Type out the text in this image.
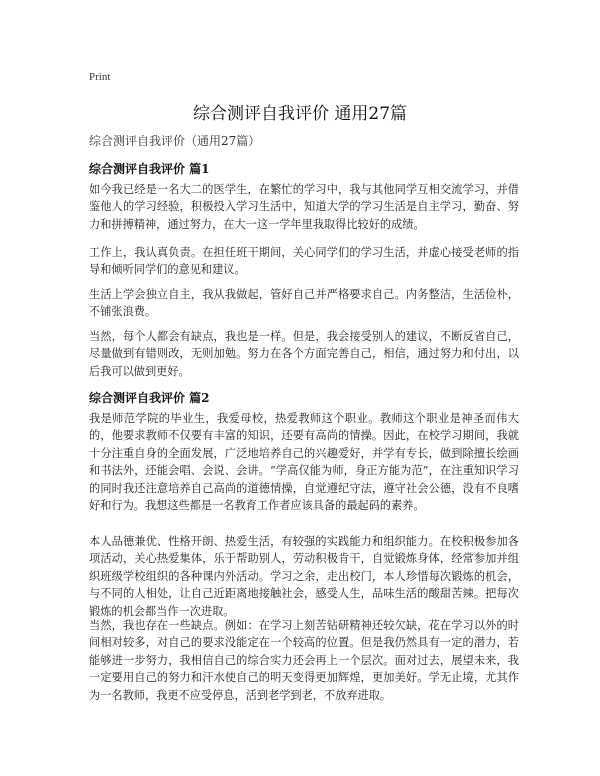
Print
综合测评自我评价 通用27篇
综合测评自我评价（通用27篇）
综合测评自我评价 篇1

如今我已经是一名大二的医学生，在繁忙的学习中，我与其他同学互相交流学习，并借鉴他人的学习经验，积极投入学习生活中，知道大学的学习生活是自主学习，勤奋、努力和拼搏精神，通过努力，在大一这一学年里我取得比较好的成绩。

工作上，我认真负责。在担任班干期间，关心同学们的学习生活，并虚心接受老师的指导和倾听同学们的意见和建议。

生活上学会独立自主，我从我做起，管好自己并严格要求自己。内务整洁，生活俭朴，不铺张浪费。

当然，每个人都会有缺点，我也是一样。但是，我会接受别人的建议，不断反省自己，尽量做到有错则改，无则加勉。努力在各个方面完善自己，相信，通过努力和付出，以后我可以做到更好。

综合测评自我评价 篇2

我是师范学院的毕业生，我爱母校，热爱教师这个职业。教师这个职业是神圣而伟大的，他要求教师不仅要有丰富的知识，还要有高尚的情操。因此，在校学习期间，我就十分注重自身的全面发展，广泛地培养自己的兴趣爱好，并学有专长，做到除擅长绘画和书法外，还能会唱、会说、会讲。“学高仅能为师，身正方能为范”，在注重知识学习的同时我还注意培养自己高尚的道德情操，自觉遵纪守法，遵守社会公德，没有不良嗜好和行为。我想这些都是一名教育工作者应该具备的最起码的素养。

本人品德兼优、性格开朗、热爱生活，有较强的实践能力和组织能力。在校积极参加各项活动，关心热爱集体，乐于帮助别人，劳动积极肯干，自觉锻炼身体，经常参加并组织班级学校组织的各种课内外活动。学习之余，走出校门，本人珍惜每次锻炼的机会，与不同的人相处，让自己近距离地接触社会，感受人生，品味生活的酸甜苦辣。把每次锻炼的机会都当作一次进取。

当然，我也存在一些缺点。例如：在学习上刻苦钻研精神还较欠缺，花在学习以外的时间相对较多，对自己的要求没能定在一个较高的位置。但是我仍然具有一定的潜力，若能够进一步努力，我相信自己的综合实力还会再上一个层次。面对过去，展望未来，我一定要用自己的努力和汗水使自己的明天变得更加辉煌，更加美好。学无止境，尤其作为一名教师，我更不应受停息，活到老学到老，不放弃进取。
